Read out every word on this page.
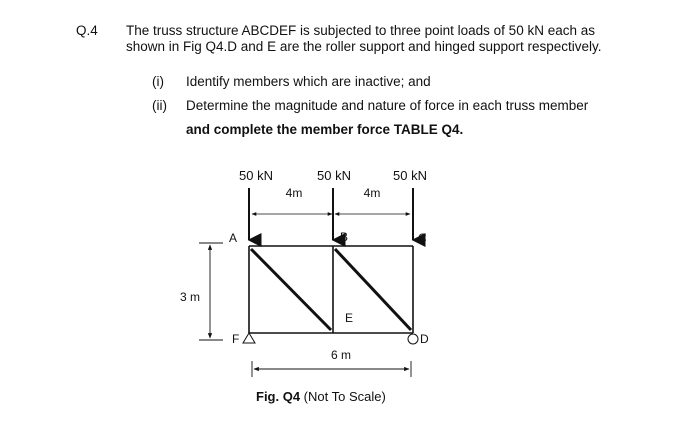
Q.4 The truss structure ABCDEF is subjected to three point loads of 50 kN each as
shown in Fig Q4.D and E are the roller support and hinged support respectively.
(i) Identify members which are inactive; and
(ii) Determine the magnitude and nature of force in each truss member
and complete the member force TABLE Q4.
50 kN	50 kN	50 kN
4m	4m
A	B	C
D
E
F
3 m
6 m
Fig. Q4 (Not To Scale)
